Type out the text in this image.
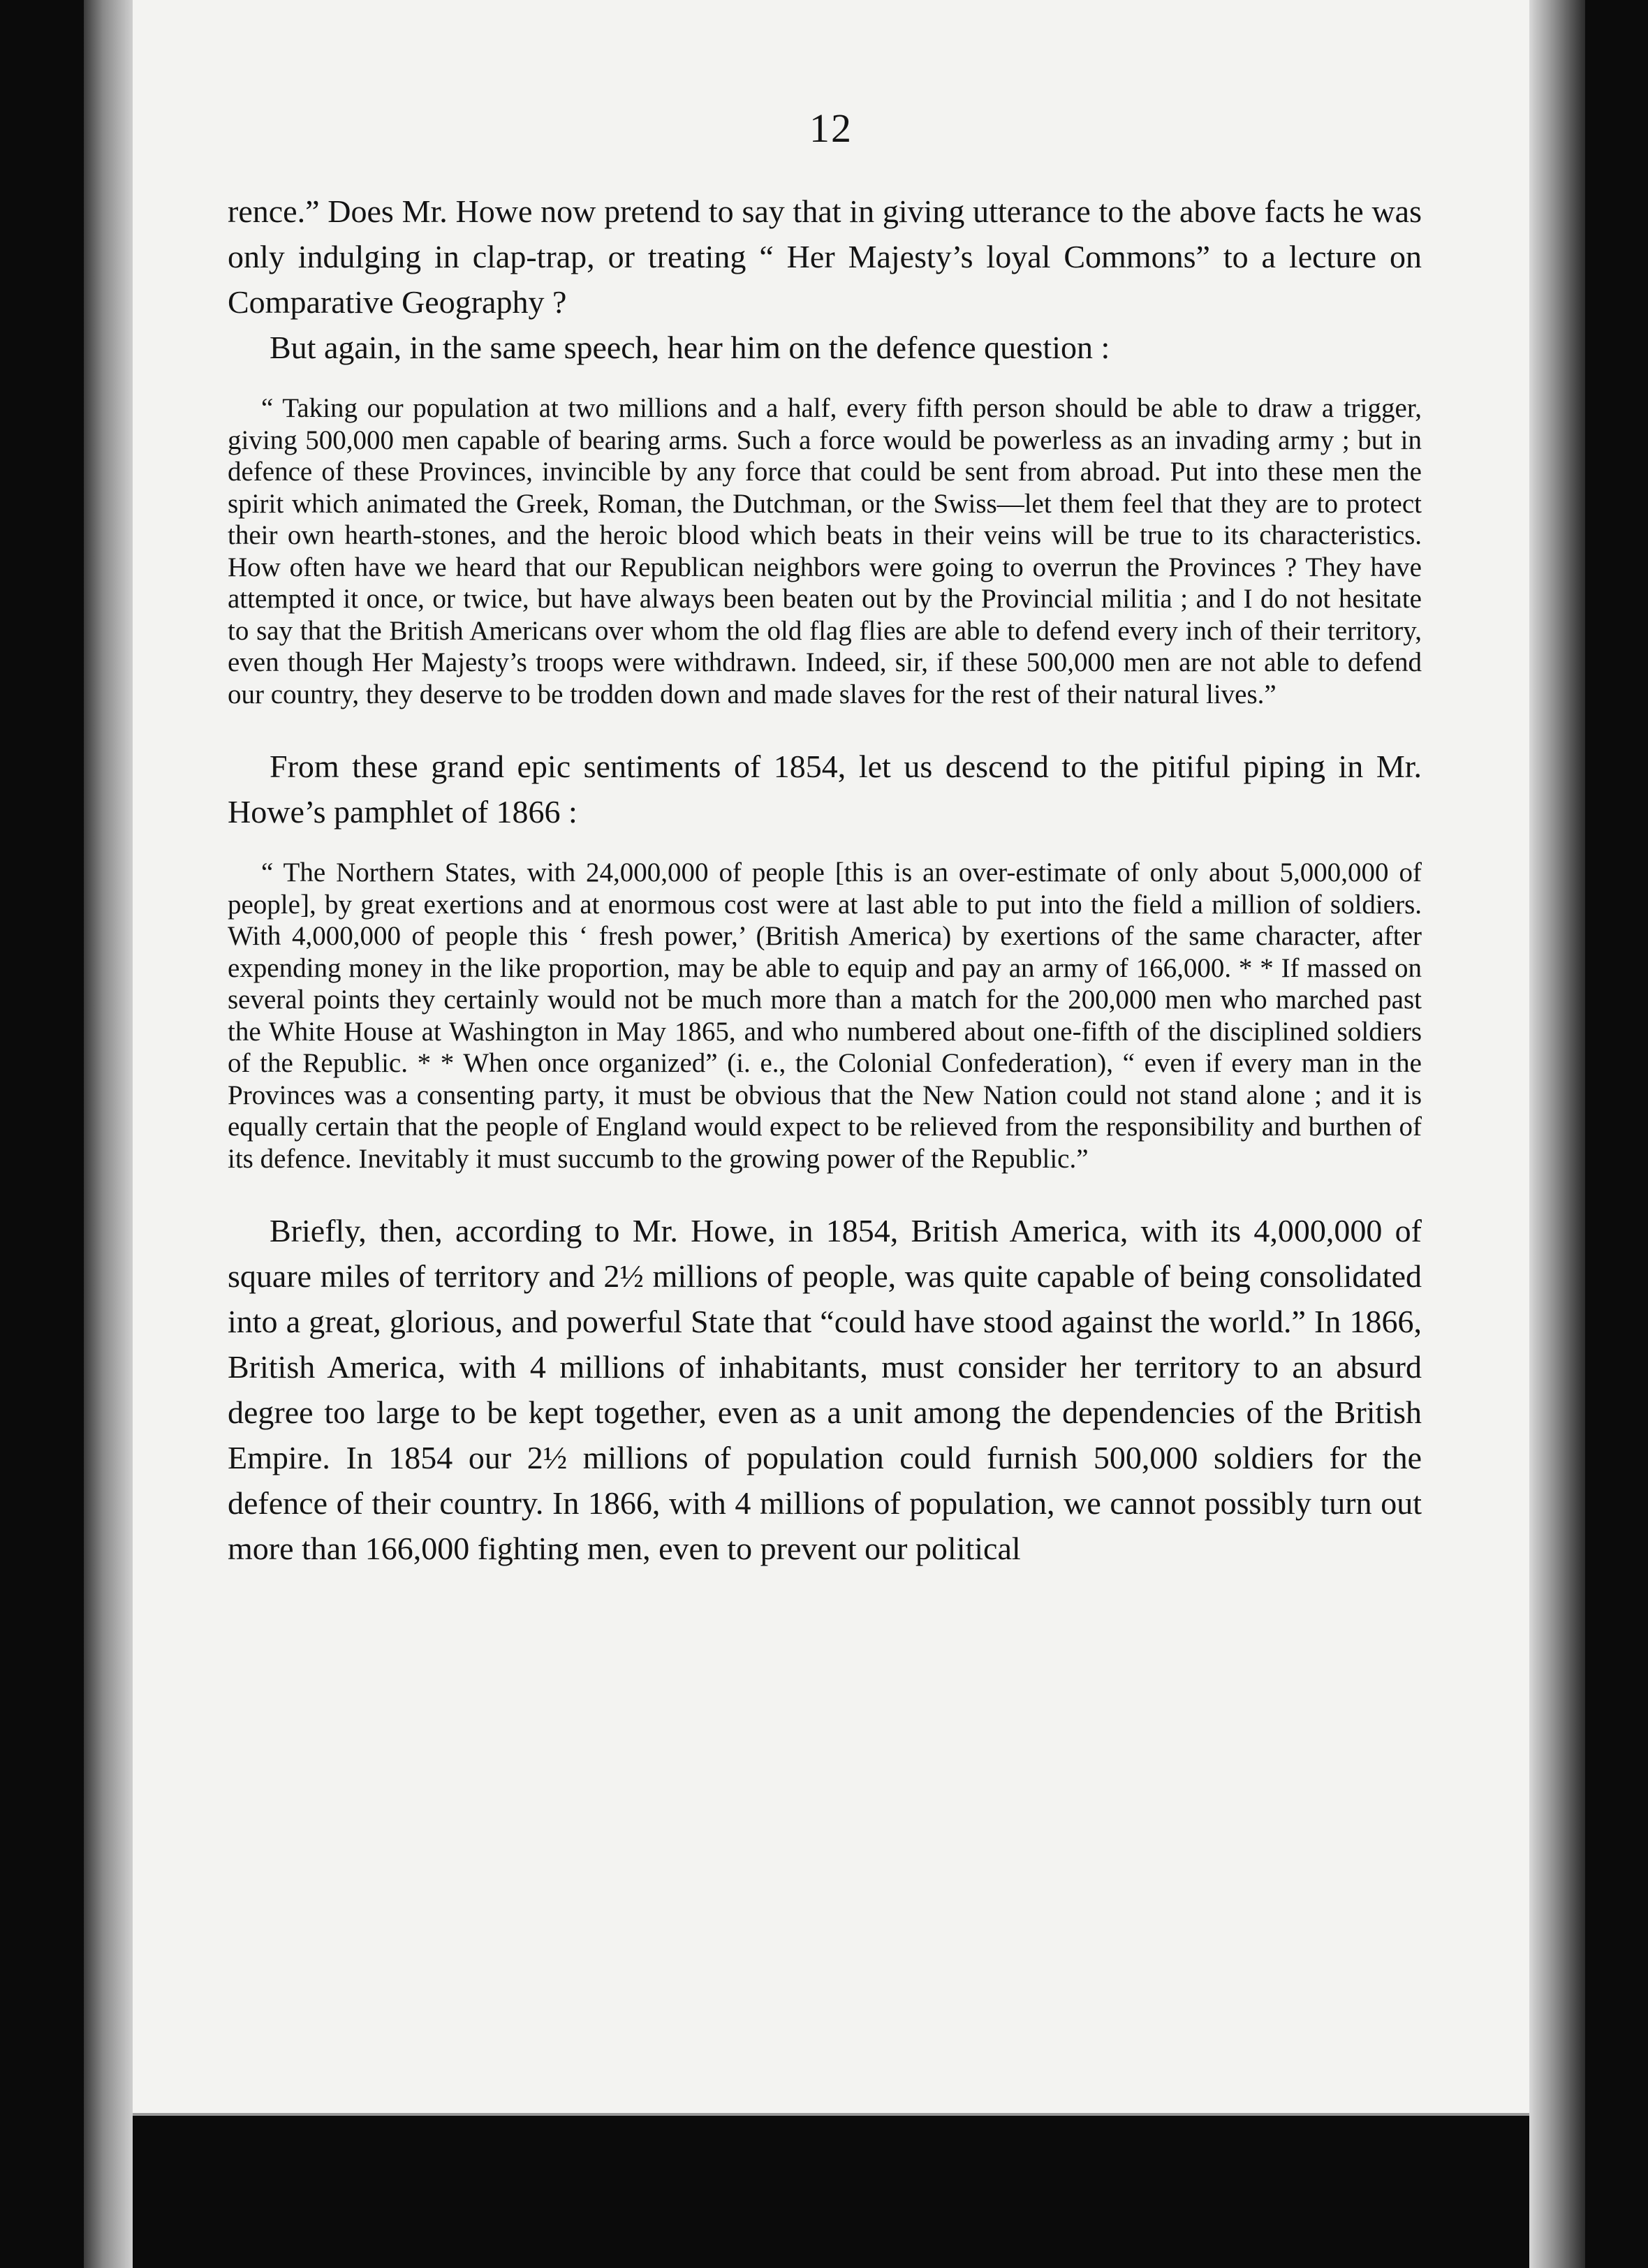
12

rence.” Does Mr. Howe now pretend to say that in giving utterance to the above facts he was only indulging in clap-trap, or treating “ Her Majesty’s loyal Commons” to a lecture on Comparative Geography ?

But again, in the same speech, hear him on the defence question :

“ Taking our population at two millions and a half, every fifth person should be able to draw a trigger, giving 500,000 men capable of bearing arms. Such a force would be powerless as an invading army ; but in defence of these Provinces, invincible by any force that could be sent from abroad. Put into these men the spirit which animated the Greek, Roman, the Dutchman, or the Swiss—let them feel that they are to protect their own hearth-stones, and the heroic blood which beats in their veins will be true to its characteristics. How often have we heard that our Republican neighbors were going to overrun the Provinces ? They have attempted it once, or twice, but have always been beaten out by the Provincial militia ; and I do not hesitate to say that the British Americans over whom the old flag flies are able to defend every inch of their territory, even though Her Majesty’s troops were withdrawn. Indeed, sir, if these 500,000 men are not able to defend our country, they deserve to be trodden down and made slaves for the rest of their natural lives.”

From these grand epic sentiments of 1854, let us descend to the pitiful piping in Mr. Howe’s pamphlet of 1866 :

“ The Northern States, with 24,000,000 of people [this is an over-estimate of only about 5,000,000 of people], by great exertions and at enormous cost were at last able to put into the field a million of soldiers. With 4,000,000 of people this ‘ fresh power,’ (British America) by exertions of the same character, after expending money in the like proportion, may be able to equip and pay an army of 166,000. * * If massed on several points they certainly would not be much more than a match for the 200,000 men who marched past the White House at Washington in May 1865, and who numbered about one-fifth of the disciplined soldiers of the Republic. * * When once organized” (i. e., the Colonial Confederation), “ even if every man in the Provinces was a consenting party, it must be obvious that the New Nation could not stand alone ; and it is equally certain that the people of England would expect to be relieved from the responsibility and burthen of its defence. Inevitably it must succumb to the growing power of the Republic.”

Briefly, then, according to Mr. Howe, in 1854, British America, with its 4,000,000 of square miles of territory and 2½ millions of people, was quite capable of being consolidated into a great, glorious, and powerful State that “could have stood against the world.” In 1866, British America, with 4 millions of inhabitants, must consider her territory to an absurd degree too large to be kept together, even as a unit among the dependencies of the British Empire. In 1854 our 2½ millions of population could furnish 500,000 soldiers for the defence of their country. In 1866, with 4 millions of population, we cannot possibly turn out more than 166,000 fighting men, even to prevent our political
